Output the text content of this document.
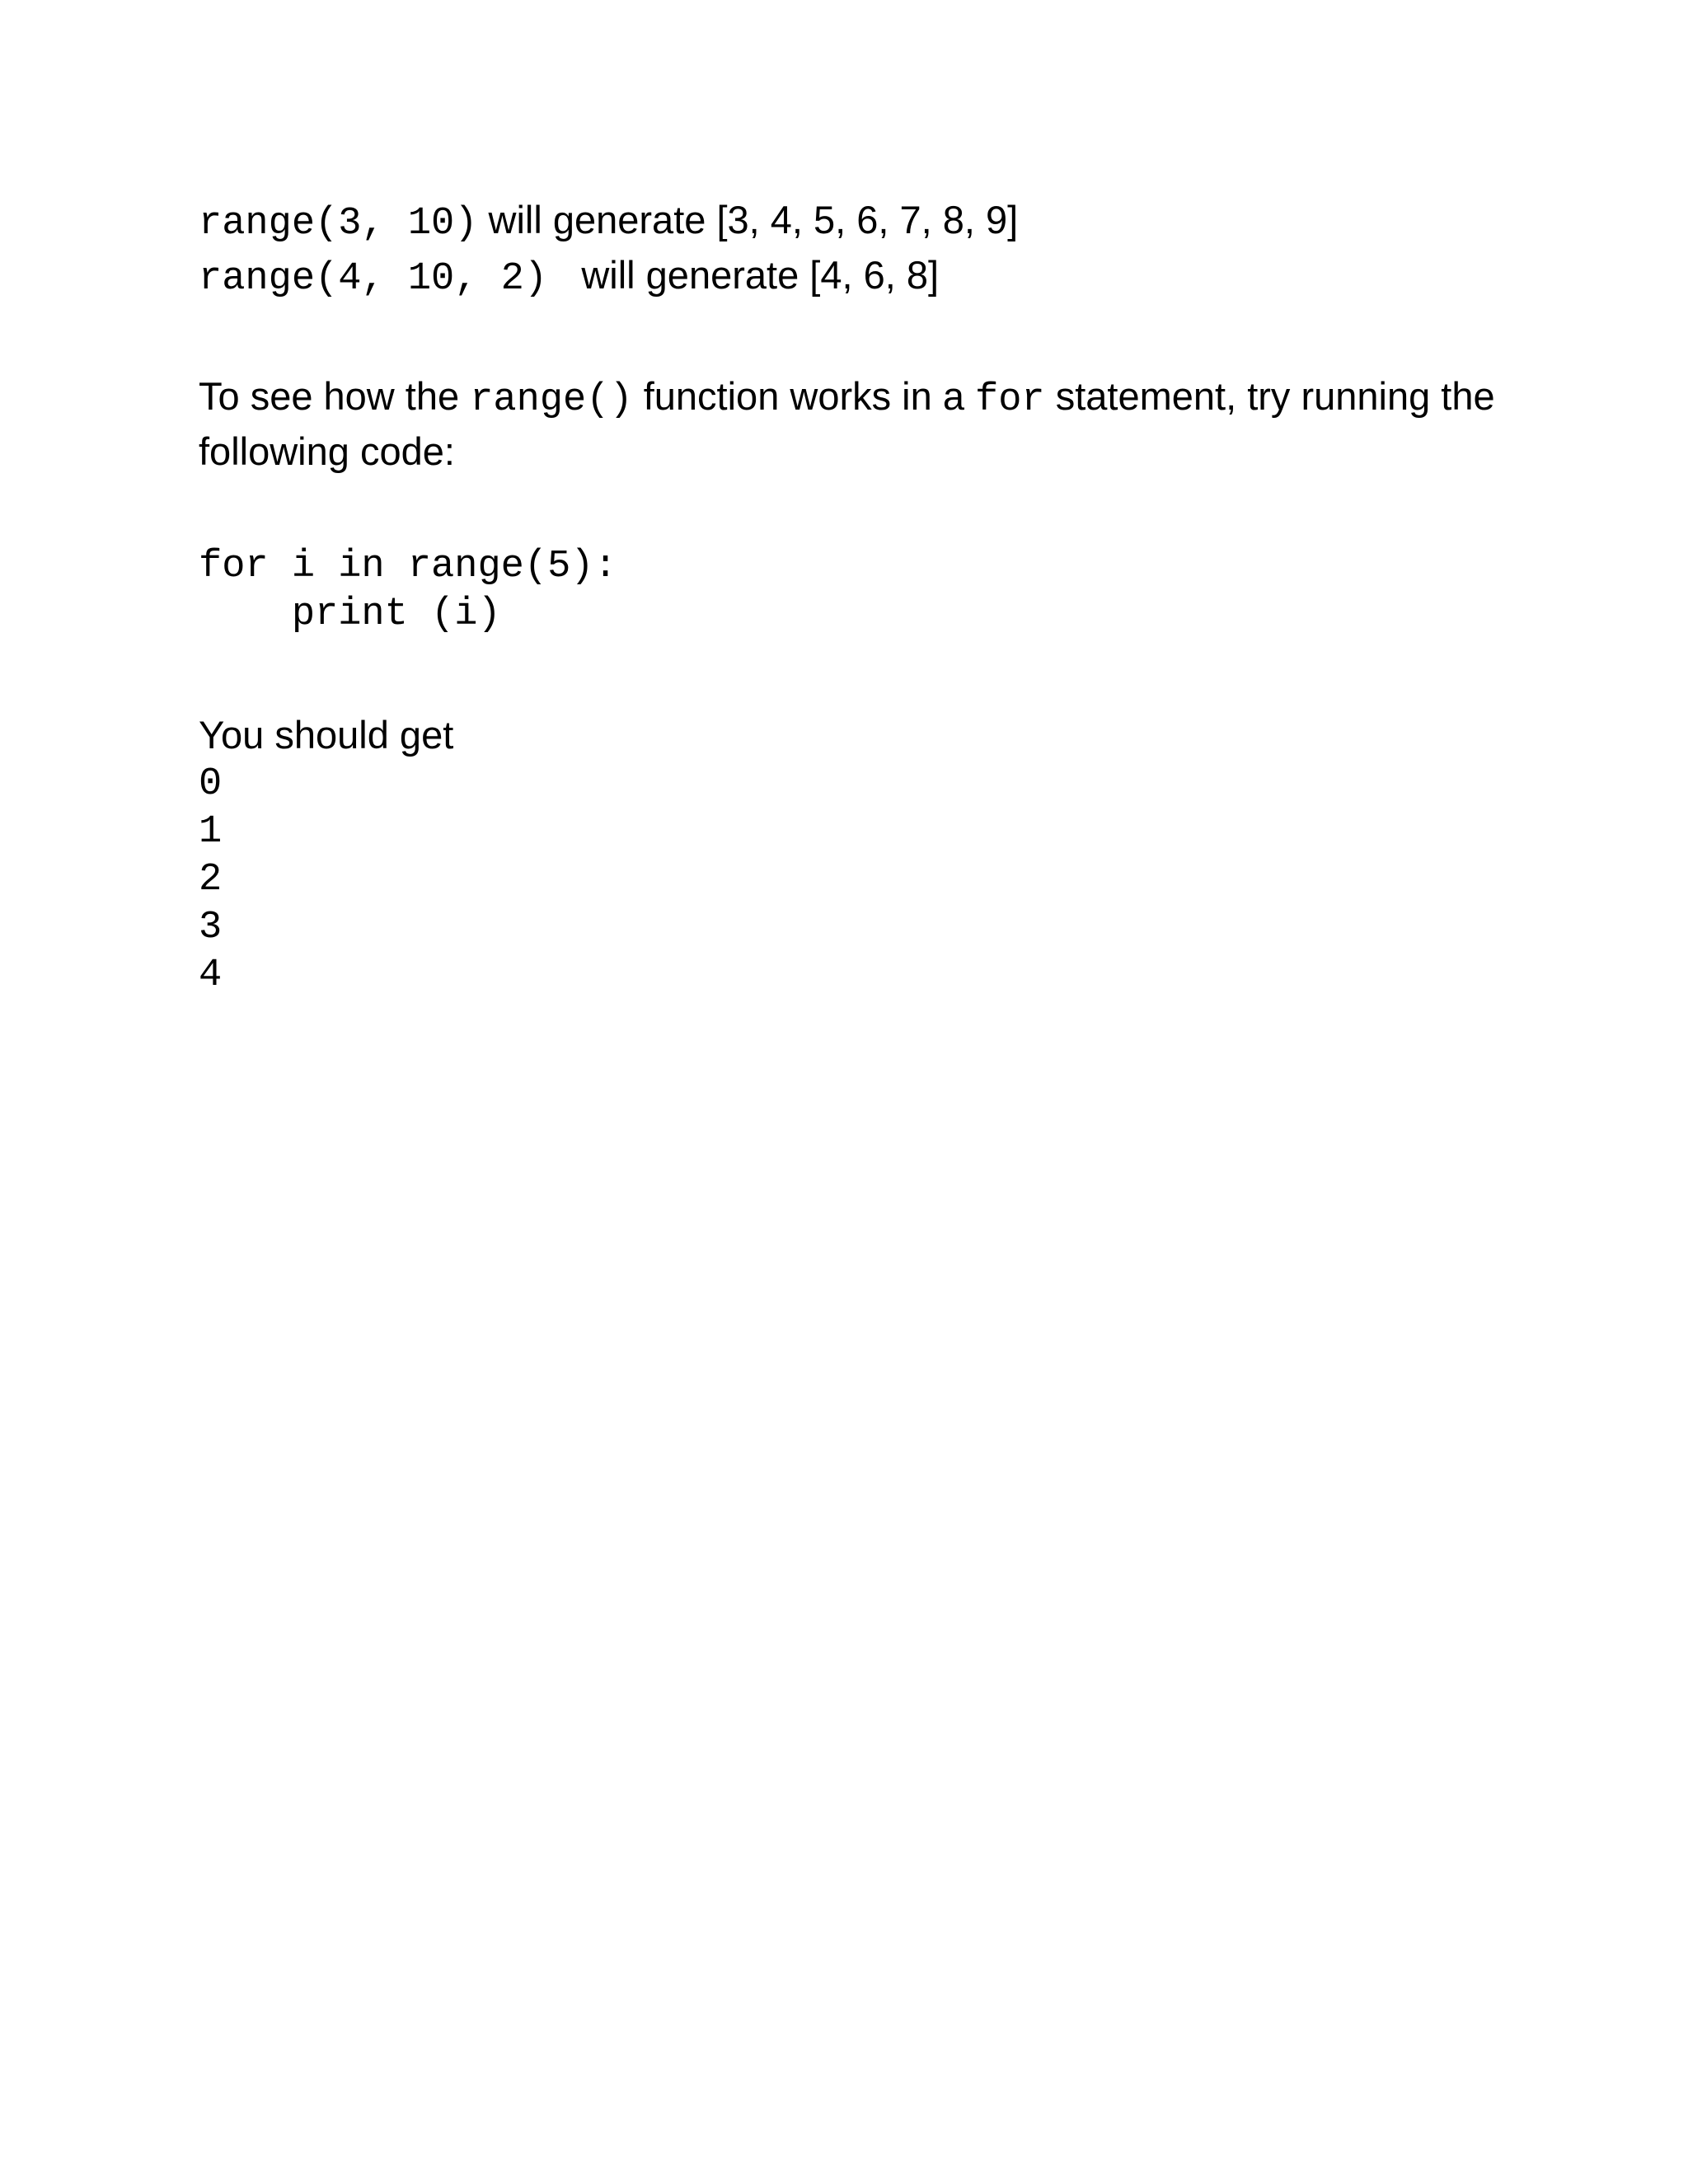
range(3, 10) will generate [3, 4, 5, 6, 7, 8, 9]
range(4, 10, 2)  will generate [4, 6, 8]
To see how the range() function works in a for statement, try running the following code:
for i in range(5):
print (i)
You should get
0
1
2
3
4
